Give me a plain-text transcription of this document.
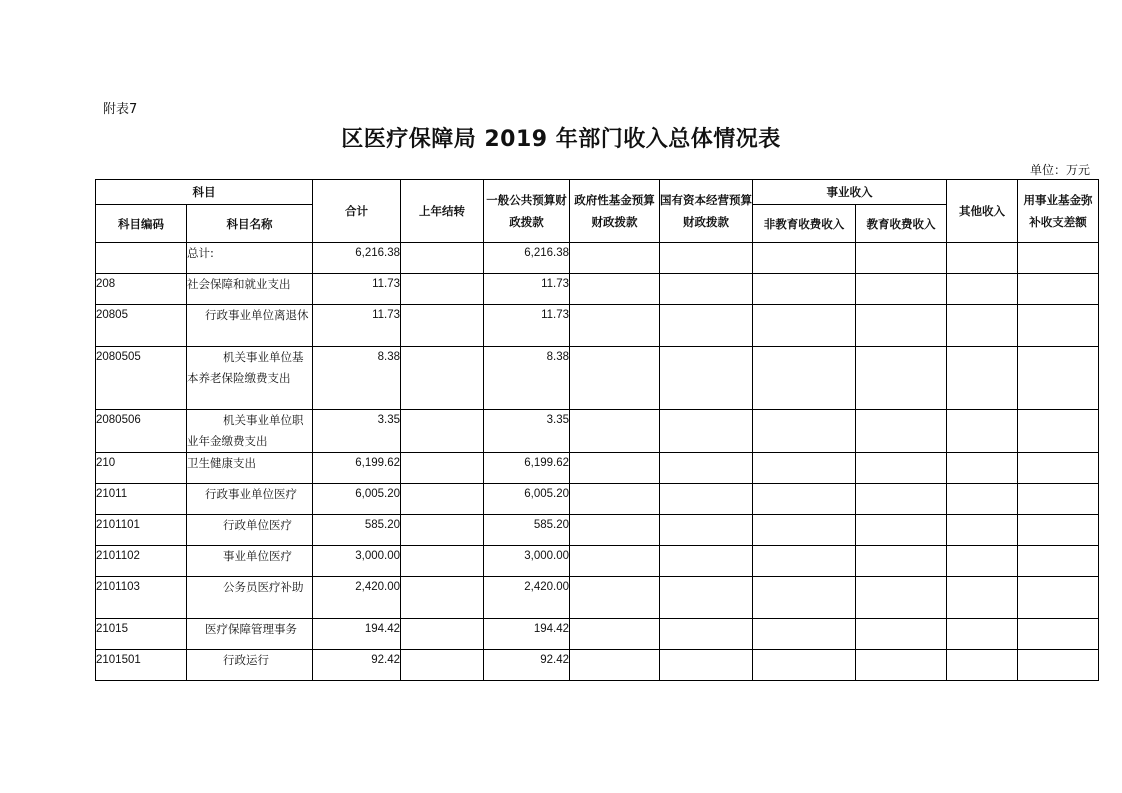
附表7
区医疗保障局 2019 年部门收入总体情况表
单位：万元
科目		合计	上年结转	一般公共预算财政拨款	政府性基金预算财政拨款	国有资本经营预算财政拨款	事业收入		其他收入	用事业基金弥补收支差额
科目编码	科目名称						非教育收费收入	教育收费收入		
	总计:	6,216.38		6,216.38						
208	社会保障和就业支出	11.73		11.73						
20805	行政事业单位离退休	11.73		11.73						
2080505	机关事业单位基本养老保险缴费支出	8.38		8.38						
2080506	机关事业单位职业年金缴费支出	3.35		3.35						
210	卫生健康支出	6,199.62		6,199.62						
21011	行政事业单位医疗	6,005.20		6,005.20						
2101101	行政单位医疗	585.20		585.20						
2101102	事业单位医疗	3,000.00		3,000.00						
2101103	公务员医疗补助	2,420.00		2,420.00						
21015	医疗保障管理事务	194.42		194.42						
2101501	行政运行	92.42		92.42						
